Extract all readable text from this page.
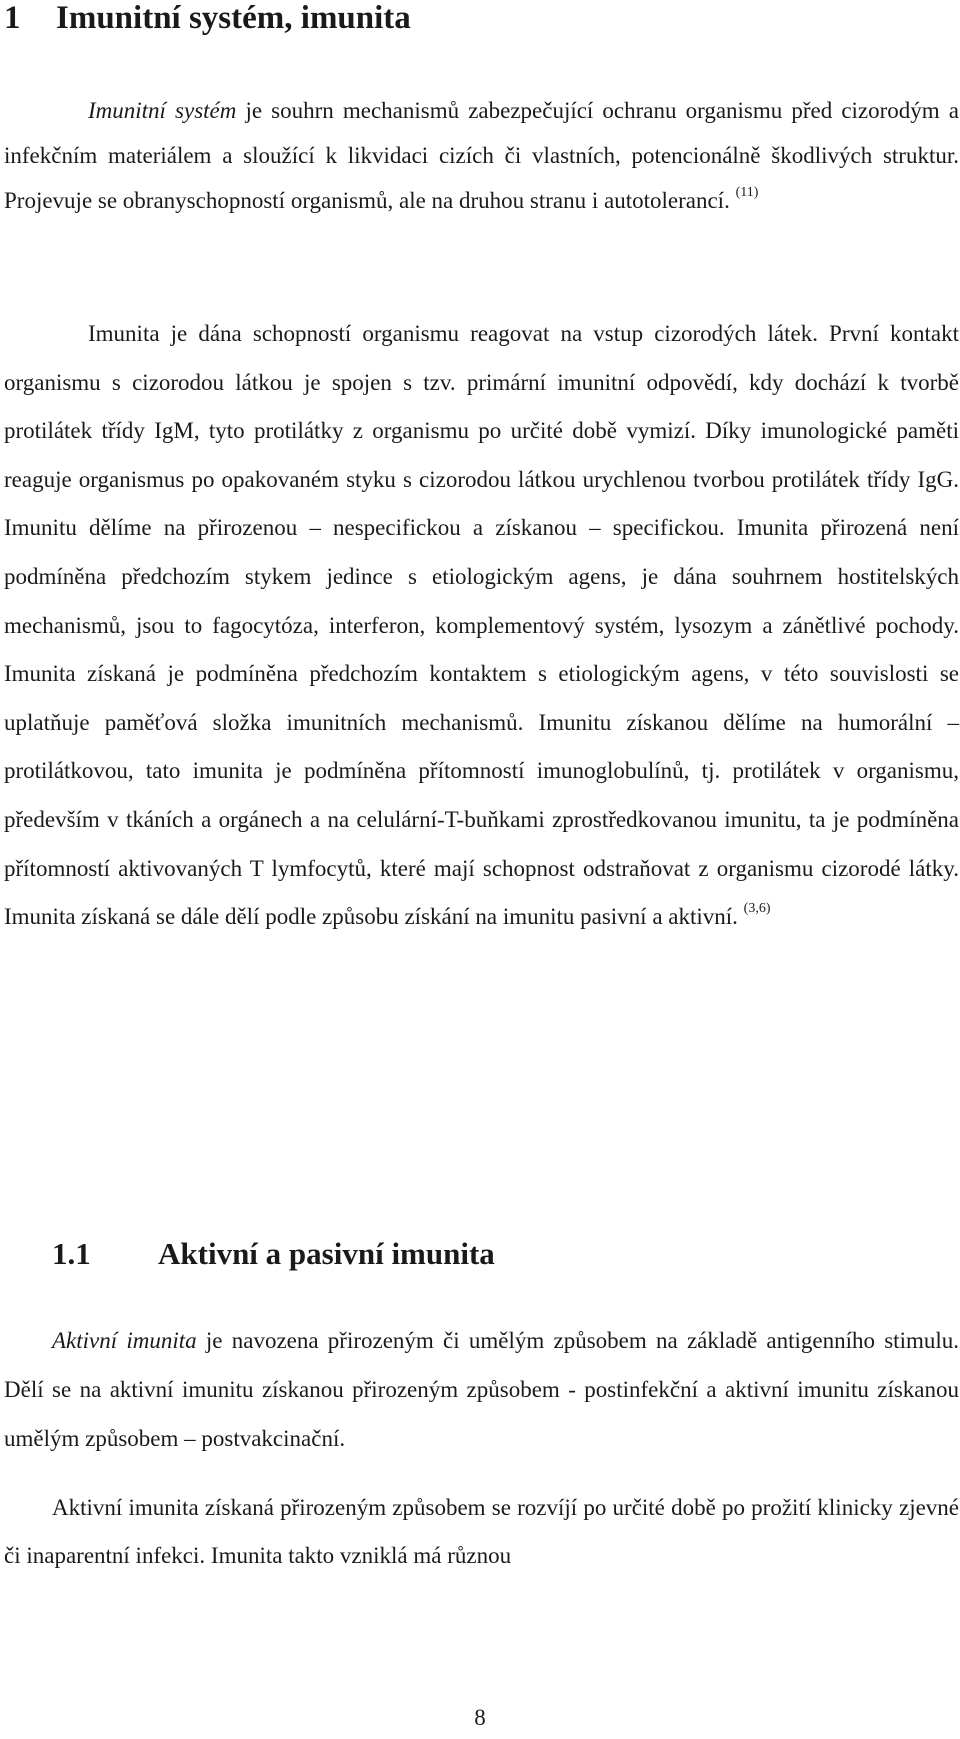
1 Imunitní systém, imunita

Imunitní systém je souhrn mechanismů zabezpečující ochranu organismu před cizorodým a infekčním materiálem a sloužící k likvidaci cizích či vlastních, potencionálně škodlivých struktur. Projevuje se obranyschopností organismů, ale na druhou stranu i autotolerancí. $^{(11)}$

Imunita je dána schopností organismu reagovat na vstup cizorodých látek. První kontakt organismu s cizorodou látkou je spojen s tzv. primární imunitní odpovědí, kdy dochází k tvorbě protilátek třídy IgM, tyto protilátky z organismu po určité době vymizí. Díky imunologické paměti reaguje organismus po opakovaném styku s cizorodou látkou urychlenou tvorbou protilátek třídy IgG. Imunitu dělíme na přirozenou – nespecifickou a získanou – specifickou. Imunita přirozená není podmíněna předchozím stykem jedince s etiologickým agens, je dána souhrnem hostitelských mechanismů, jsou to fagocytóza, interferon, komplementový systém, lysozym a zánětlivé pochody. Imunita získaná je podmíněna předchozím kontaktem s etiologickým agens, v této souvislosti se uplatňuje paměťová složka imunitních mechanismů. Imunitu získanou dělíme na humorální – protilátkovou, tato imunita je podmíněna přítomností imunoglobulínů, tj. protilátek v organismu, především v tkáních a orgánech a na celulární-T-buňkami zprostředkovanou imunitu, ta je podmíněna přítomností aktivovaných T lymfocytů, které mají schopnost odstraňovat z organismu cizorodé látky. Imunita získaná se dále dělí podle způsobu získání na imunitu pasivní a aktivní. $^{(3,6)}$

1.1 Aktivní a pasivní imunita

Aktivní imunita je navozena přirozeným či umělým způsobem na základě antigenního stimulu. Dělí se na aktivní imunitu získanou přirozeným způsobem - postinfekční a aktivní imunitu získanou umělým způsobem – postvakcinační.

Aktivní imunita získaná přirozeným způsobem se rozvíjí po určité době po prožití klinicky zjevné či inaparentní infekci. Imunita takto vzniklá má různou

8
